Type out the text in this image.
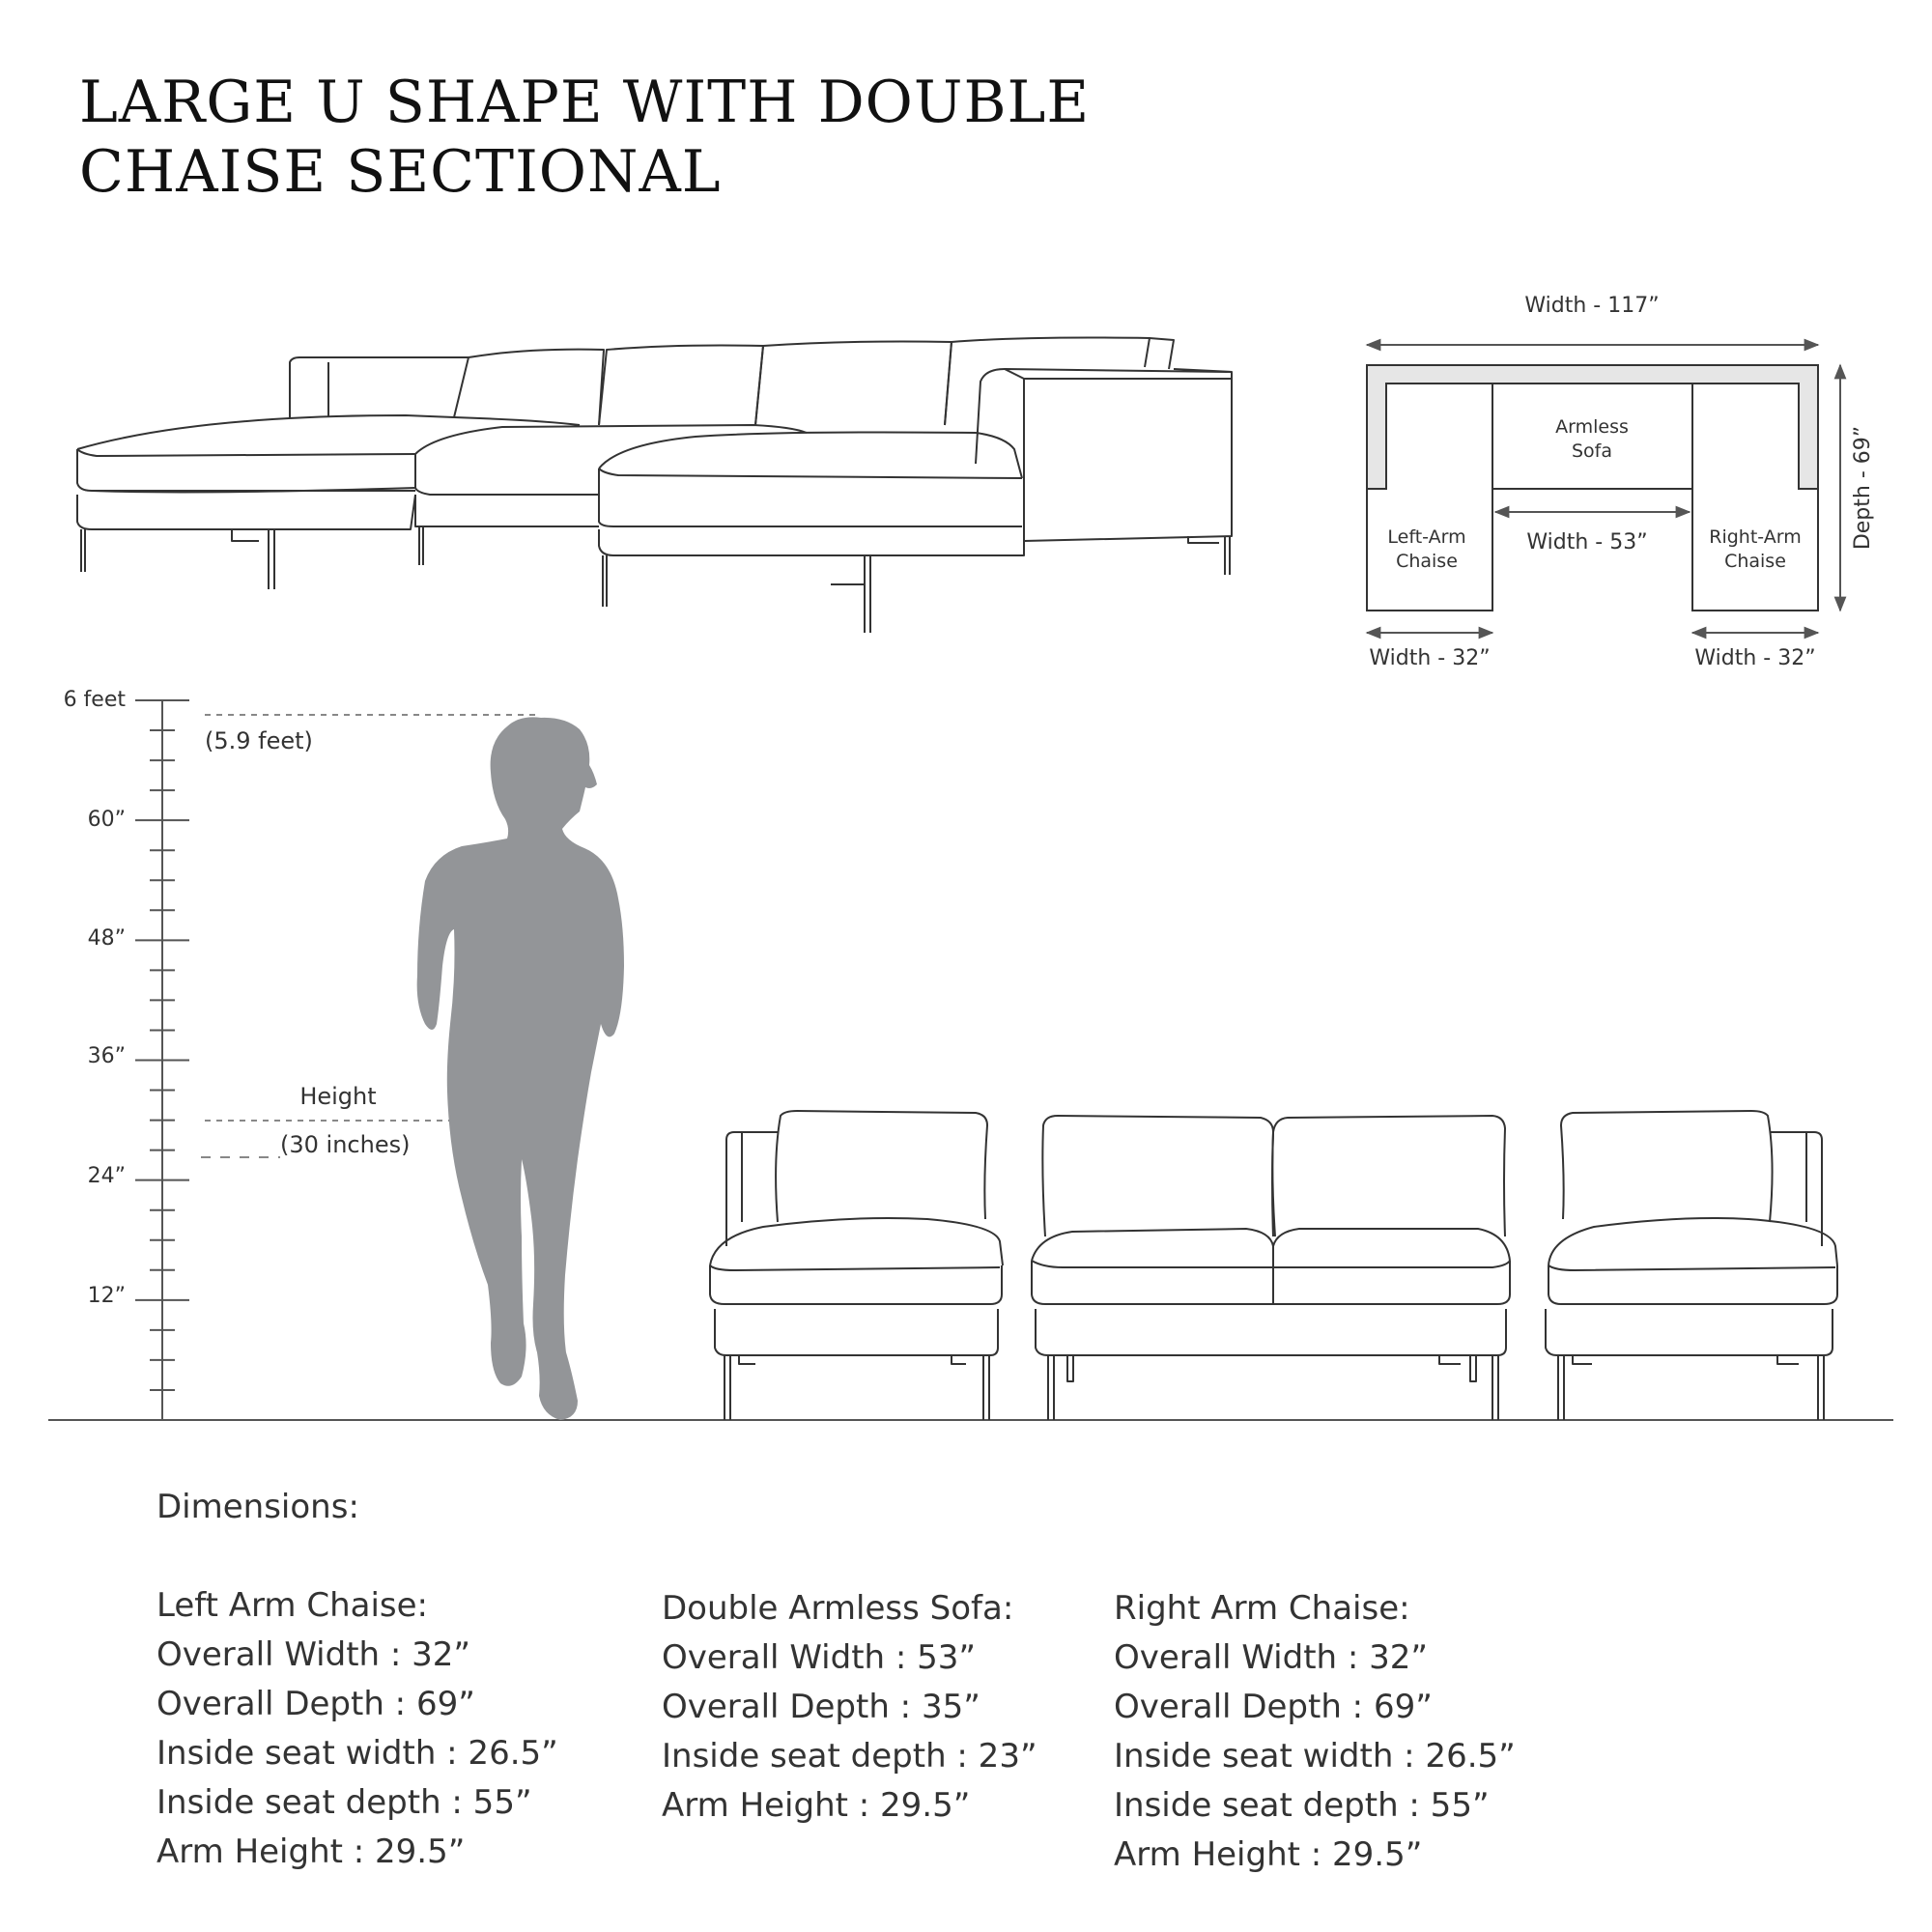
LARGE U SHAPE WITH DOUBLE
CHAISE SECTIONAL
Width - 117”
Depth - 69”
Armless
Sofa
Left-Arm
Chaise
Right-Arm
Chaise
Width - 53”
Width - 32”	Width - 32”
6 feet
60”
48”
36”
24”
12”
(5.9 feet)
Height
(30 inches)
Dimensions:
Left Arm Chaise:
Overall Width : 32”
Overall Depth : 69”
Inside seat width : 26.5”
Inside seat depth : 55”
Arm Height : 29.5”
Double Armless Sofa:
Overall Width : 53”
Overall Depth : 35”
Inside seat depth : 23”
Arm Height : 29.5”
Right Arm Chaise:
Overall Width : 32”
Overall Depth : 69”
Inside seat width : 26.5”
Inside seat depth : 55”
Arm Height : 29.5”
